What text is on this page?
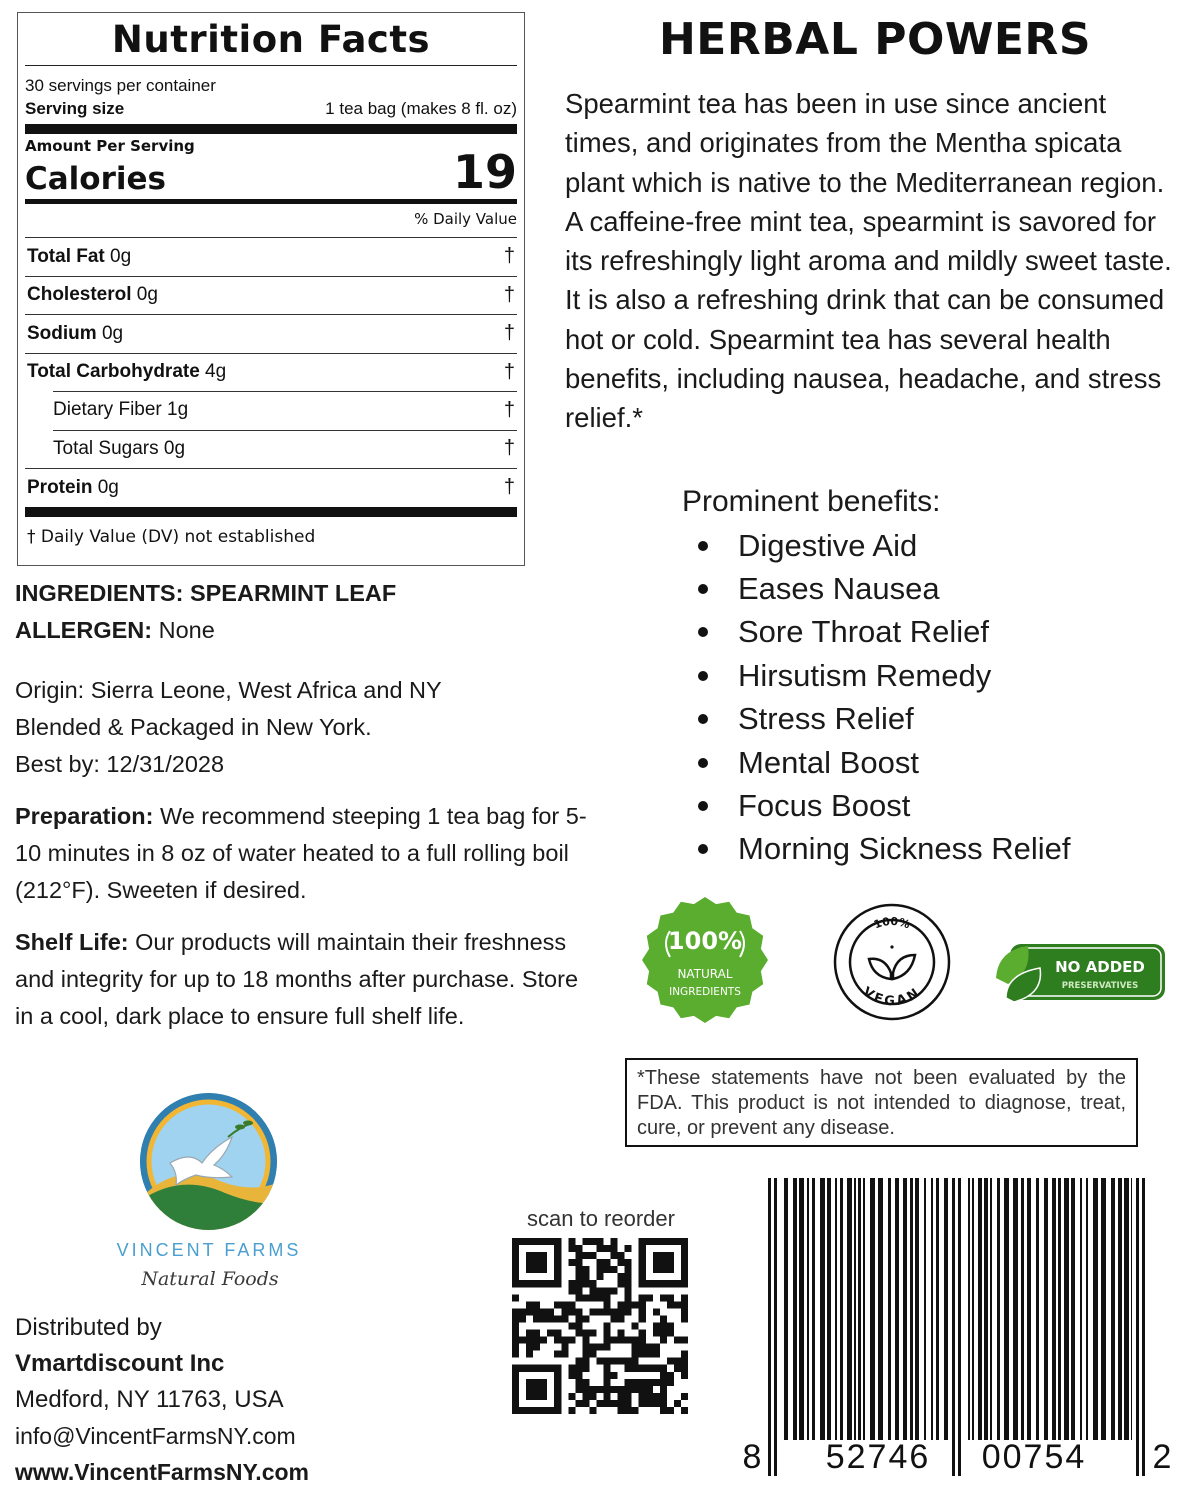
Nutrition Facts
30 servings per container
Serving size	1 tea bag (makes 8 fl. oz)
Amount Per Serving
Calories	19
% Daily Value
Total Fat 0g	†
Cholesterol 0g	†
Sodium 0g	†
Total Carbohydrate 4g	†
Dietary Fiber 1g	†
Total Sugars 0g	†
Protein 0g	†
† Daily Value (DV) not established
INGREDIENTS: SPEARMINT LEAF
ALLERGEN: None
Origin: Sierra Leone, West Africa and NY
Blended & Packaged in New York.
Best by: 12/31/2028
Preparation: We recommend steeping 1 tea bag for 5-10 minutes in 8 oz of water heated to a full rolling boil (212°F). Sweeten if desired.
Shelf Life: Our products will maintain their freshness and integrity for up to 18 months after purchase. Store in a cool, dark place to ensure full shelf life.
VINCENT FARMS
Natural Foods
Distributed by
Vmartdiscount Inc
Medford, NY 11763, USA
info@VincentFarmsNY.com
www.VincentFarmsNY.com
scan to reorder
HERBAL POWERS
Spearmint tea has been in use since ancient times, and originates from the Mentha spicata plant which is native to the Mediterranean region. A caffeine-free mint tea, spearmint is savored for its refreshingly light aroma and mildly sweet taste. It is also a refreshing drink that can be consumed hot or cold. Spearmint tea has several health benefits, including nausea, headache, and stress relief.*
Prominent benefits:
Digestive Aid
Eases Nausea
Sore Throat Relief
Hirsutism Remedy
Stress Relief
Mental Boost
Focus Boost
Morning Sickness Relief
100%
NATURAL
INGREDIENTS
100%
VEGAN
NO ADDED
PRESERVATIVES
*These statements have not been evaluated by the FDA. This product is not intended to diagnose, treat, cure, or prevent any disease.
8 52746 00754 2
